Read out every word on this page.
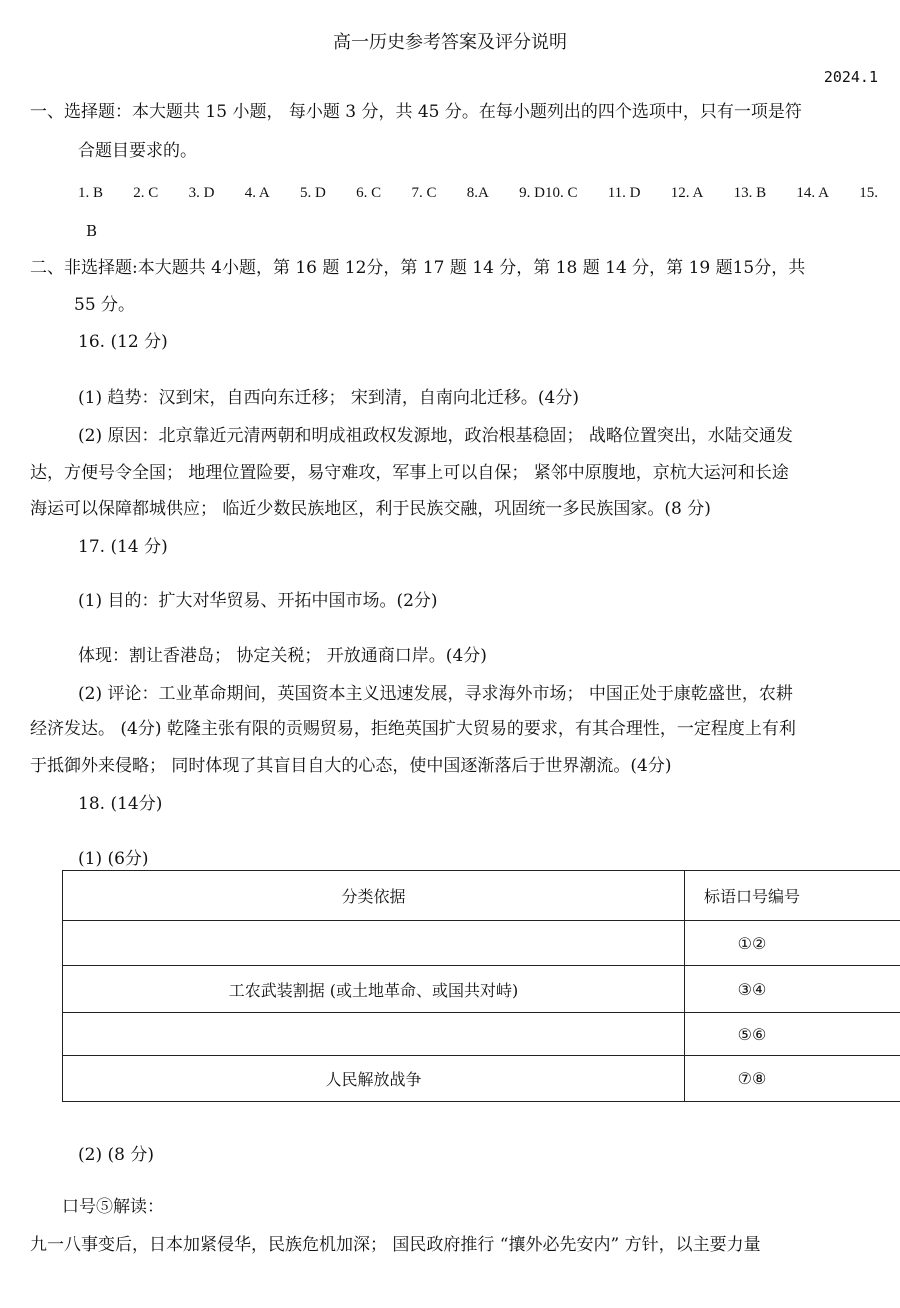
高一历史参考答案及评分说明
2024.1
一、选择题：本大题共 15 小题， 每小题 3 分，共 45 分。在每小题列出的四个选项中，只有一项是符
合题目要求的。
1. B 2. C 3. D 4. A 5. D 6. C 7. C 8.A 9. D10. C 11. D 12. A 13. B 14. A 15.
B
二、非选择题:本大题共 4小题，第 16 题 12分，第 17 题 14 分，第 18 题 14 分，第 19 题15分，共
55 分。
16. (12 分)
(1) 趋势：汉到宋，自西向东迁移； 宋到清，自南向北迁移。(4分)
(2) 原因：北京靠近元清两朝和明成祖政权发源地，政治根基稳固； 战略位置突出，水陆交通发
达，方便号令全国； 地理位置险要，易守难攻，军事上可以自保； 紧邻中原腹地，京杭大运河和长途
海运可以保障都城供应； 临近少数民族地区，利于民族交融，巩固统一多民族国家。(8 分)
17. (14 分)
(1) 目的：扩大对华贸易、开拓中国市场。(2分)
体现：割让香港岛； 协定关税； 开放通商口岸。(4分)
(2) 评论：工业革命期间，英国资本主义迅速发展，寻求海外市场； 中国正处于康乾盛世，农耕
经济发达。 (4分) 乾隆主张有限的贡赐贸易，拒绝英国扩大贸易的要求，有其合理性，一定程度上有利
于抵御外来侵略； 同时体现了其盲目自大的心态，使中国逐渐落后于世界潮流。(4分)
18. (14分)
(1) (6分)
分类依据	标语口号编号
	①②
工农武装割据 (或土地革命、或国共对峙)	③④
	⑤⑥
人民解放战争	⑦⑧
(2) (8 分)
口号⑤解读：
九一八事变后，日本加紧侵华，民族危机加深； 国民政府推行 “攘外必先安内” 方针，以主要力量
